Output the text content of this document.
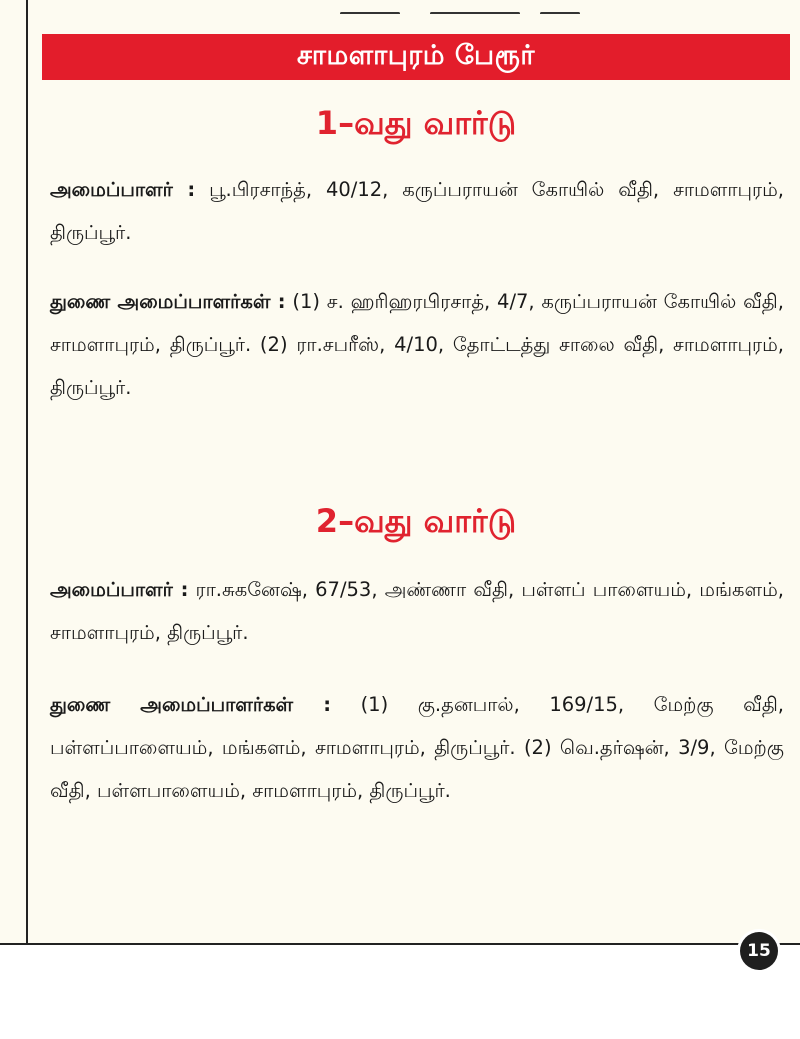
சாமளாபுரம் பேரூர்
1–வது வார்டு
அமைப்பாளர் : பூ.பிரசாந்த், 40/12, கருப்பராயன் கோயில் வீதி, சாமளாபுரம், திருப்பூர்.
துணை அமைப்பாளர்கள் : (1) ச. ஹரிஹரபிரசாத், 4/7, கருப்பராயன் கோயில் வீதி, சாமளாபுரம், திருப்பூர். (2) ரா.சபரீஸ், 4/10, தோட்டத்து சாலை வீதி, சாமளாபுரம், திருப்பூர்.
2–வது வார்டு
அமைப்பாளர் : ரா.சுகனேஷ், 67/53, அண்ணா வீதி, பள்ளப் பாளையம், மங்களம், சாமளாபுரம், திருப்பூர்.
துணை அமைப்பாளர்கள் : (1) கு.தனபால், 169/15, மேற்கு வீதி, பள்ளப்பாளையம், மங்களம், சாமளாபுரம், திருப்பூர். (2) வெ.தர்ஷன், 3/9, மேற்கு வீதி, பள்ளபாளையம், சாமளாபுரம், திருப்பூர்.
15
